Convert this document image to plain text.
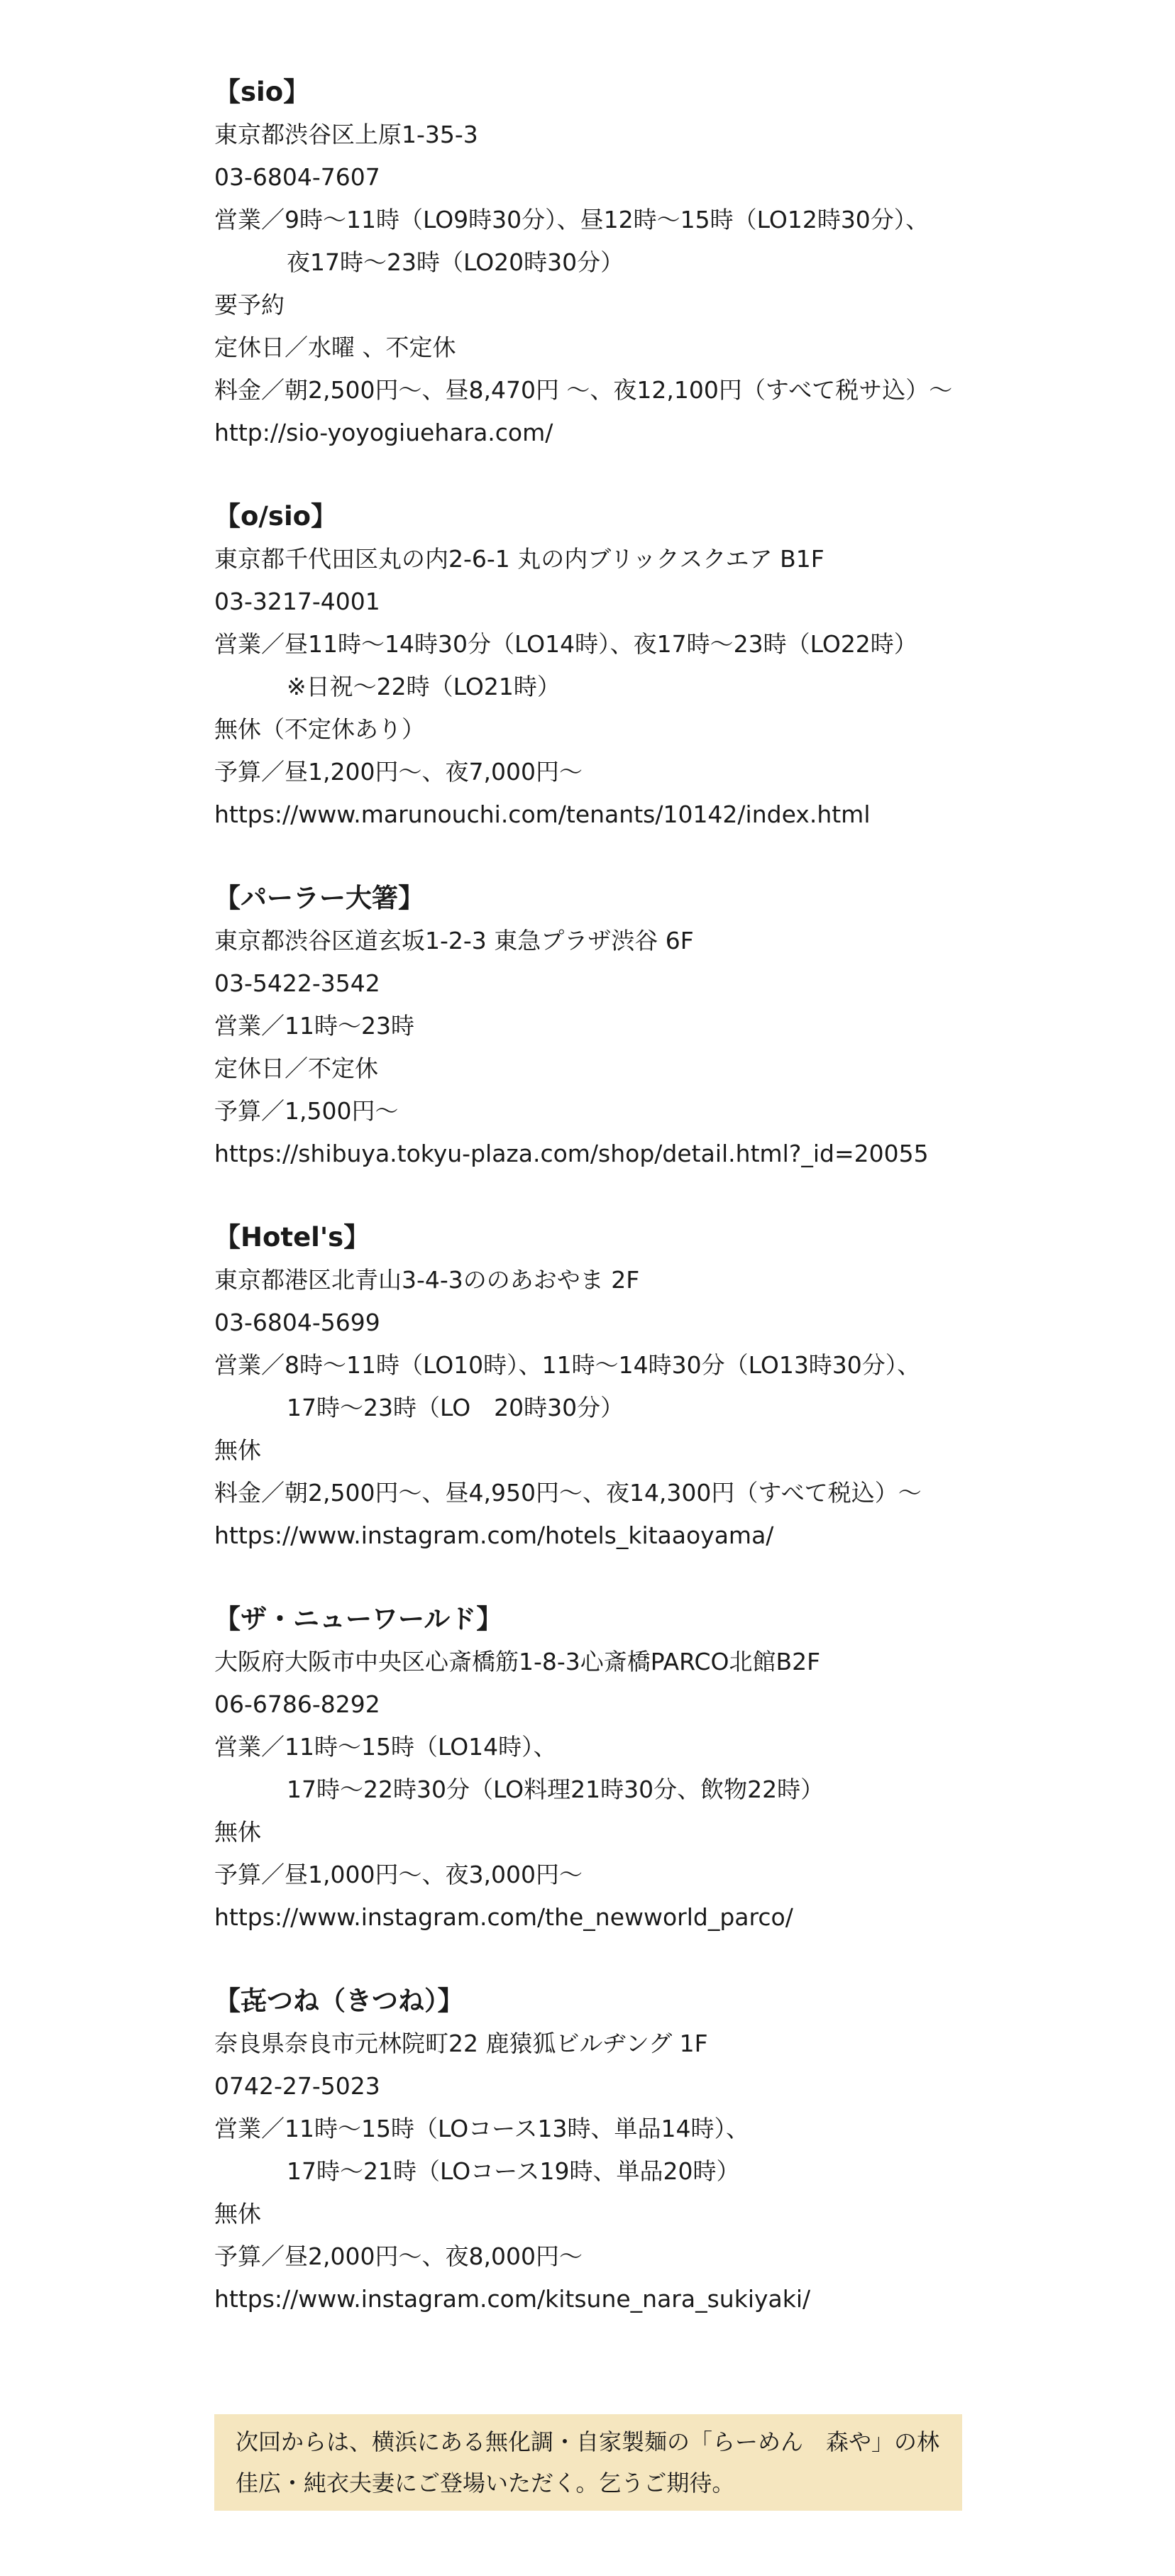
【sio】
東京都渋谷区上原1-35-3
03-6804-7607
営業／9時～11時（LO9時30分）、昼12時～15時（LO12時30分）、
夜17時～23時（LO20時30分）
要予約
定休日／水曜 、不定休
料金／朝2,500円～、昼8,470円 ～、夜12,100円（すべて税サ込）～
http://sio-yoyogiuehara.com/
【o/sio】
東京都千代田区丸の内2-6-1 丸の内ブリックスクエア B1F
03-3217-4001
営業／昼11時～14時30分（LO14時）、夜17時～23時（LO22時）
※日祝～22時（LO21時）
無休（不定休あり）
予算／昼1,200円～、夜7,000円～
https://www.marunouchi.com/tenants/10142/index.html
【パーラー大箸】
東京都渋谷区道玄坂1-2-3 東急プラザ渋谷 6F
03-5422-3542
営業／11時～23時
定休日／不定休
予算／1,500円～
https://shibuya.tokyu-plaza.com/shop/detail.html?_id=20055
【Hotel's】
東京都港区北青山3-4-3ののあおやま 2F
03-6804-5699
営業／8時～11時（LO10時）、11時～14時30分（LO13時30分）、
17時～23時（LO　20時30分）
無休
料金／朝2,500円～、昼4,950円～、夜14,300円（すべて税込）～
https://www.instagram.com/hotels_kitaaoyama/
【ザ・ニューワールド】
大阪府大阪市中央区心斎橋筋1-8-3心斎橋PARCO北館B2F
06-6786-8292
営業／11時～15時（LO14時）、
17時～22時30分（LO料理21時30分、飲物22時）
無休
予算／昼1,000円～、夜3,000円～
https://www.instagram.com/the_newworld_parco/
【㐂つね（きつね）】
奈良県奈良市元林院町22 鹿猿狐ビルヂング 1F
0742-27-5023
営業／11時～15時（LOコース13時、単品14時）、
17時～21時（LOコース19時、単品20時）
無休
予算／昼2,000円～、夜8,000円～
https://www.instagram.com/kitsune_nara_sukiyaki/
次回からは、横浜にある無化調・自家製麺の「らーめん　森や」の林佳広・純衣夫妻にご登場いただく。乞うご期待。
